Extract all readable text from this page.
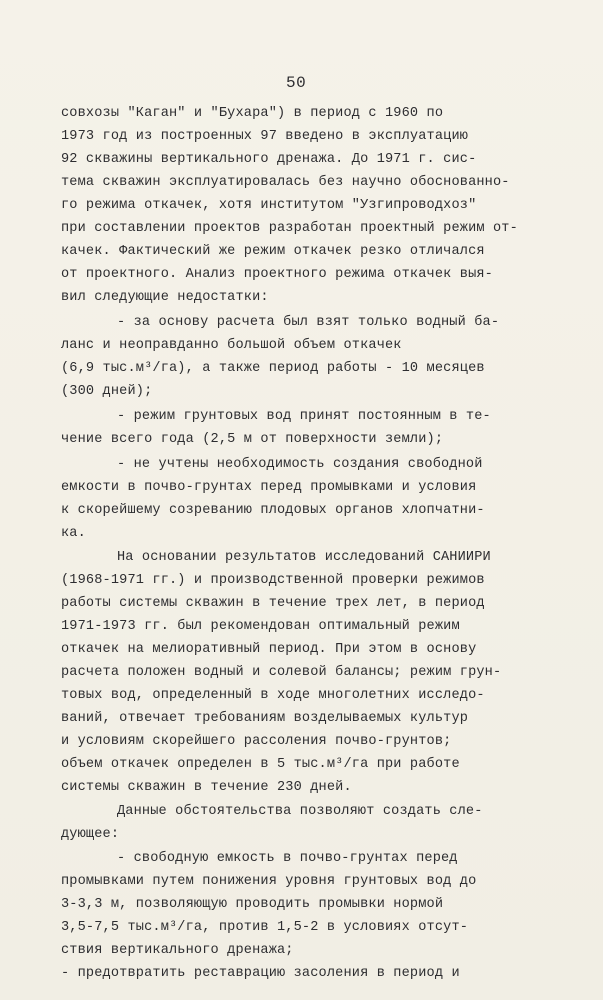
50
совхозы "Каган" и "Бухара") в период с 1960 по
1973 год из построенных 97 введено в эксплуатацию
92 скважины вертикального дренажа. До 1971 г. сис-
тема скважин эксплуатировалась без научно обоснованно-
го режима откачек, хотя институтом "Узгипроводхоз"
при составлении проектов разработан проектный режим от-
качек. Фактический же режим откачек резко отличался
от проектного. Анализ проектного режима откачек выя-
вил следующие недостатки:
- за основу расчета был взят только водный ба-
ланс и неоправданно большой объем откачек
(6,9 тыс.м³/га), а также период работы - 10 месяцев
(300 дней);
- режим грунтовых вод принят постоянным в те-
чение всего года (2,5 м от поверхности земли);
- не учтены необходимость создания свободной
емкости в почво-грунтах перед промывками и условия
к скорейшему созреванию плодовых органов хлопчатни-
ка.
На основании результатов исследований САНИИРИ
(1968-1971 гг.) и производственной проверки режимов
работы системы скважин в течение трех лет, в период
1971-1973 гг. был рекомендован оптимальный режим
откачек на мелиоративный период. При этом в основу
расчета положен водный и солевой балансы; режим грун-
товых вод, определенный в ходе многолетних исследо-
ваний, отвечает требованиям возделываемых культур
и условиям скорейшего рассоления почво-грунтов;
объем откачек определен в 5 тыс.м³/га при работе
системы скважин в течение 230 дней.
Данные обстоятельства позволяют создать сле-
дующее:
- свободную емкость в почво-грунтах перед
промывками путем понижения уровня грунтовых вод до
3-3,3 м, позволяющую проводить промывки нормой
3,5-7,5 тыс.м³/га, против 1,5-2 в условиях отсут-
ствия вертикального дренажа;
- предотвратить реставрацию засоления в период и
